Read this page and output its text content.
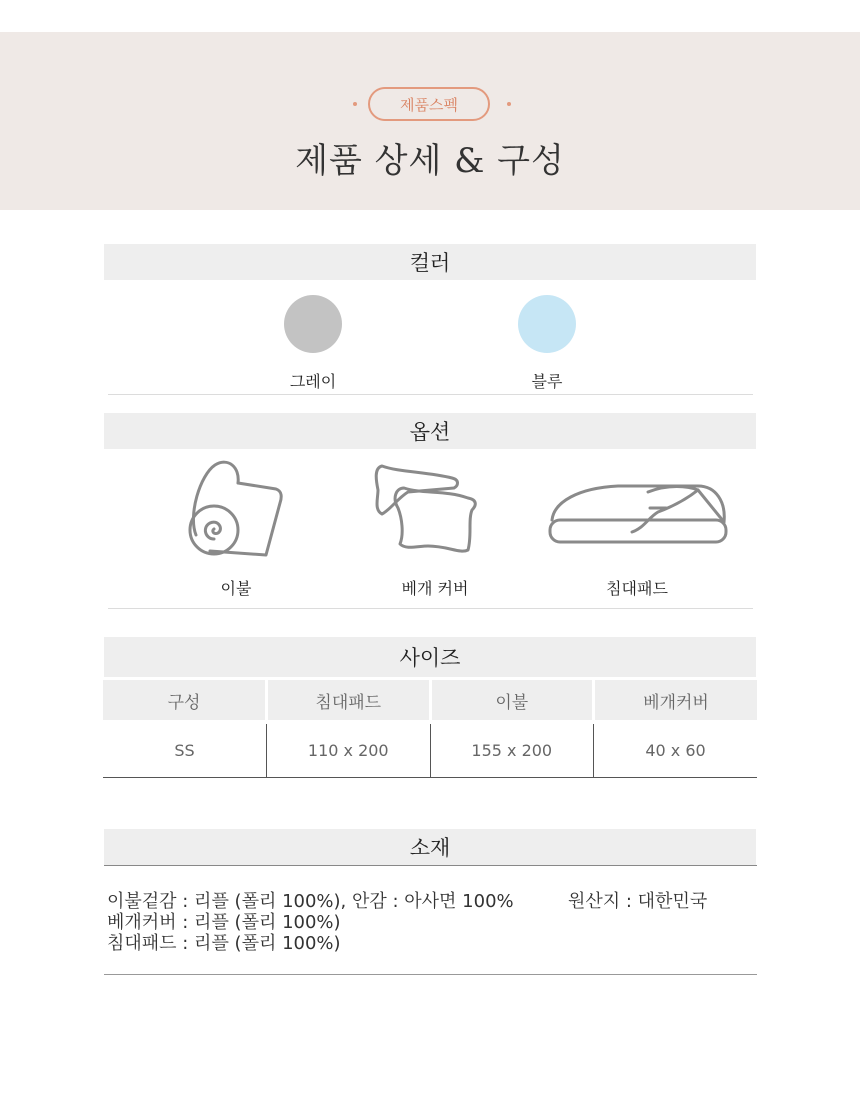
제품스펙
제품 상세 & 구성
컬러
그레이	블루
옵션
이불	베개 커버	침대패드
사이즈
구성	침대패드	이불	베개커버
SS	110 x 200	155 x 200	40 x 60
소재
이불겉감 : 리플 (폴리 100%), 안감 : 아사면 100%
베개커버 : 리플 (폴리 100%)
침대패드 : 리플 (폴리 100%)
원산지 : 대한민국
